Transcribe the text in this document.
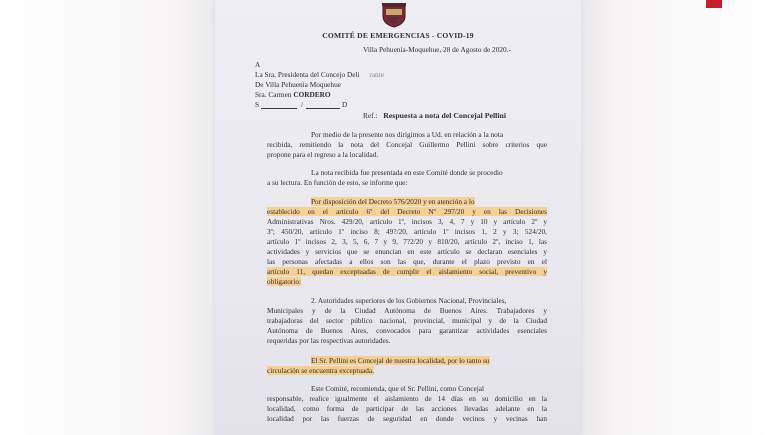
COMITÉ DE EMERGENCIAS - COVID-19
Villa Pehuenia-Moquehue, 28 de Agosto de 2020.-
A
La Sra. Presidenta del Concejo Deli rante
De Villa Pehuenia Moquehue
Sra. Carmen CORDERO
S	/	D
Ref.: Respuesta a nota del Concejal Pellini
Por medio de la presente nos dirigimos a Ud. en relación a la nota
recibida, remitiendo la nota del Concejal Guillermo Pellini sobre criterios que
propone para el regreso a la localidad.
La nota recibida fue presentada en este Comité donde se procedio
a su lectura. En función de esto, se informe que:
Por disposición del Decreto 576/2020 y en atención a lo
establecido en el artículo 6º del Decreto Nº 297/20 y en las Decisiones
Administrativas Nros. 429/20, artículo 1º, incisos 3, 4, 7 y 10 y artículo 2º y
3º; 450/20, artículo 1º inciso 8; 49?/20, artículo 1º incisos 1, 2 y 3; 524/20,
artículo 1º incisos 2, 3, 5, 6, 7 y 9, 7?2/20 y 810/20, artículo 2º, inciso 1, las
actividades y servicios que se enuncian en este artículo se declaran esenciales y
las personas afectadas a ellos son las que, durante el plazo previsto en el
artículo 11, quedan exceptuadas de cumplir el aislamiento social, preventivo y
obligatorio:
2. Autoridades superiores de los Gobiernos Nacional, Provinciales,
Municipales y de la Ciudad Autónoma de Buenos Aires. Trabajadores y
trabajadoras del sector público nacional, provincial, municipal y de la Ciudad
Autónoma de Buenos Aires, convocados para garantizar actividades esenciales
requeridas por las respectivas autoridades.
El Sr. Pellini es Concejal de nuestra localidad, por lo tanto su
circulación se encuentra exceptuada.
Este Comité, recomienda, que el Sr. Pellini, como Concejal
responsable, realice igualmente el aislamiento de 14 días en su domicilio en la
localidad, como forma de participar de las acciones llevadas adelante en la
localidad por las fuerzas de seguridad en donde vecinos y vecinas han
